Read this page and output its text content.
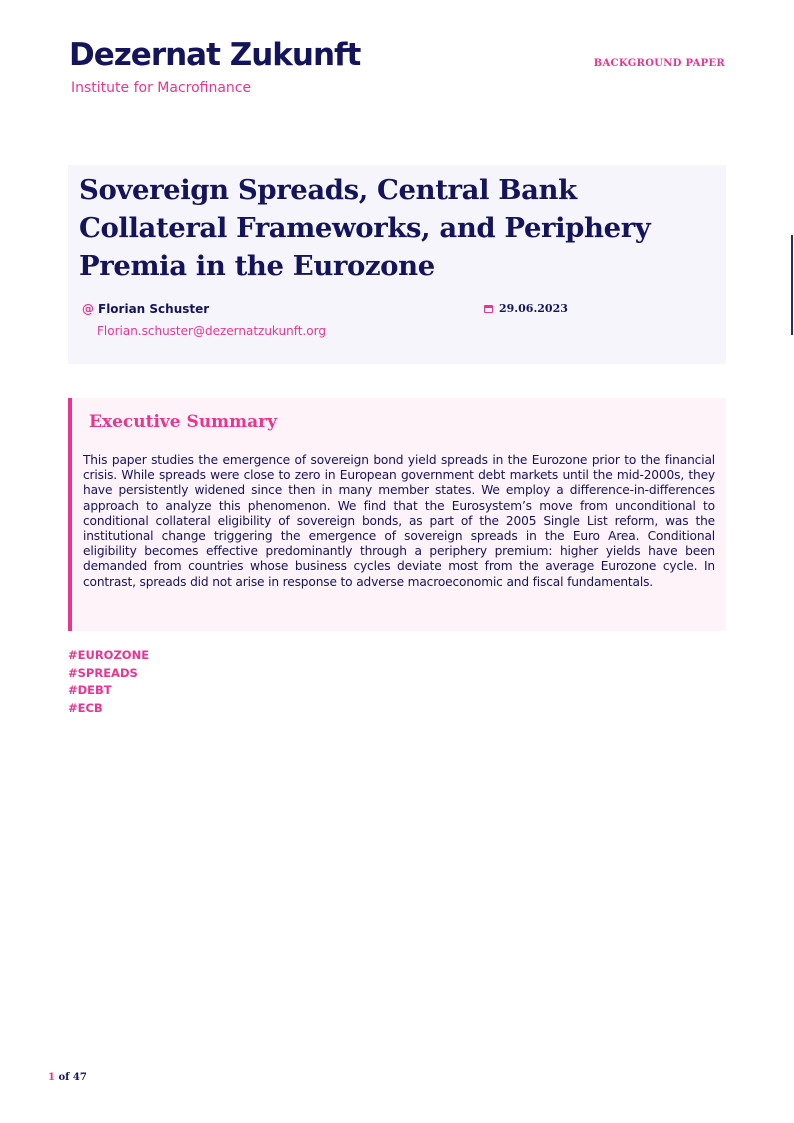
Dezernat Zukunft
Institute for Macrofinance
BACKGROUND PAPER
Sovereign Spreads, Central Bank Collateral Frameworks, and Periphery Premia in the Eurozone
@ Florian Schuster
Florian.schuster@dezernatzukunft.org
29.06.2023
Executive Summary

This paper studies the emergence of sovereign bond yield spreads in the Eurozone prior to the financial crisis. While spreads were close to zero in European government debt markets until the mid-2000s, they have persistently widened since then in many member states. We employ a difference-in-differences approach to analyze this phenomenon. We find that the Eurosystem’s move from unconditional to conditional collateral eligibility of sovereign bonds, as part of the 2005 Single List reform, was the institutional change triggering the emergence of sovereign spreads in the Euro Area. Conditional eligibility becomes effective predominantly through a periphery premium: higher yields have been demanded from countries whose business cycles deviate most from the average Eurozone cycle. In contrast, spreads did not arise in response to adverse macroeconomic and fiscal fundamentals.

#EUROZONE
#SPREADS
#DEBT
#ECB
1 of 47
